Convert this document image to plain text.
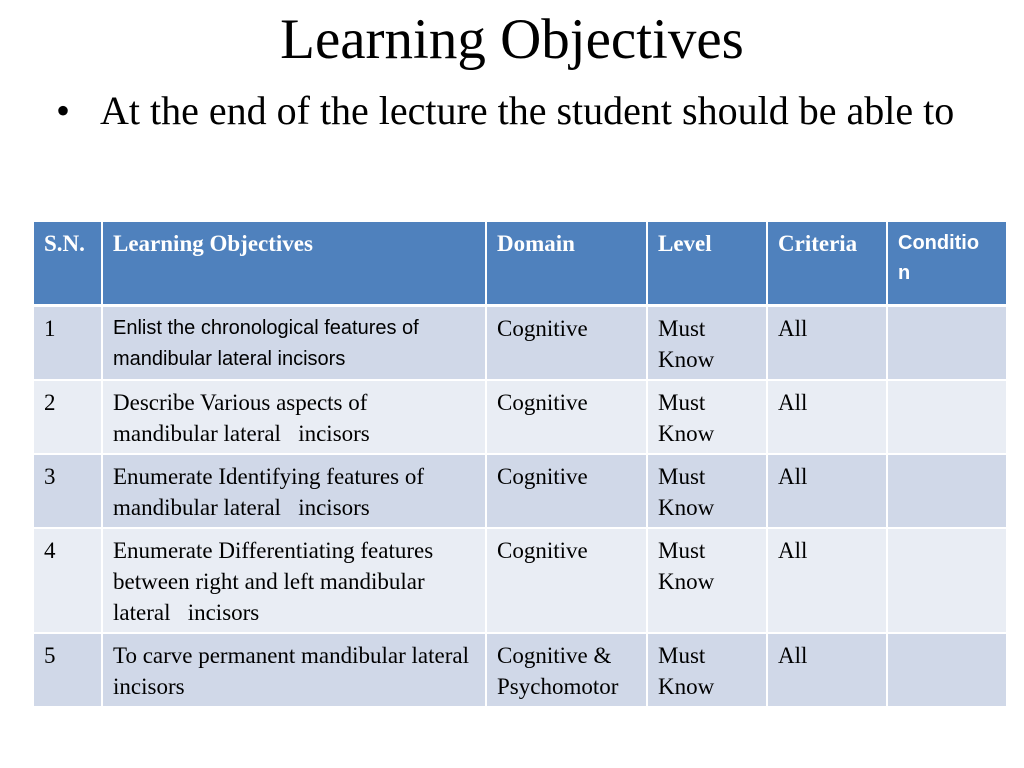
Learning Objectives
• At the end of the lecture the student should be able to
S.N.	Learning Objectives	Domain	Level	Criteria	Conditio n
1	Enlist the chronological features of mandibular lateral incisors	Cognitive	Must Know	All	
2	Describe Various aspects of mandibular lateral   incisors	Cognitive	Must Know	All	
3	Enumerate Identifying features of mandibular lateral   incisors	Cognitive	Must Know	All	
4	Enumerate Differentiating features between right and left mandibular lateral   incisors	Cognitive	Must Know	All	
5	To carve permanent mandibular lateral incisors	Cognitive & Psychomotor	Must Know	All	
